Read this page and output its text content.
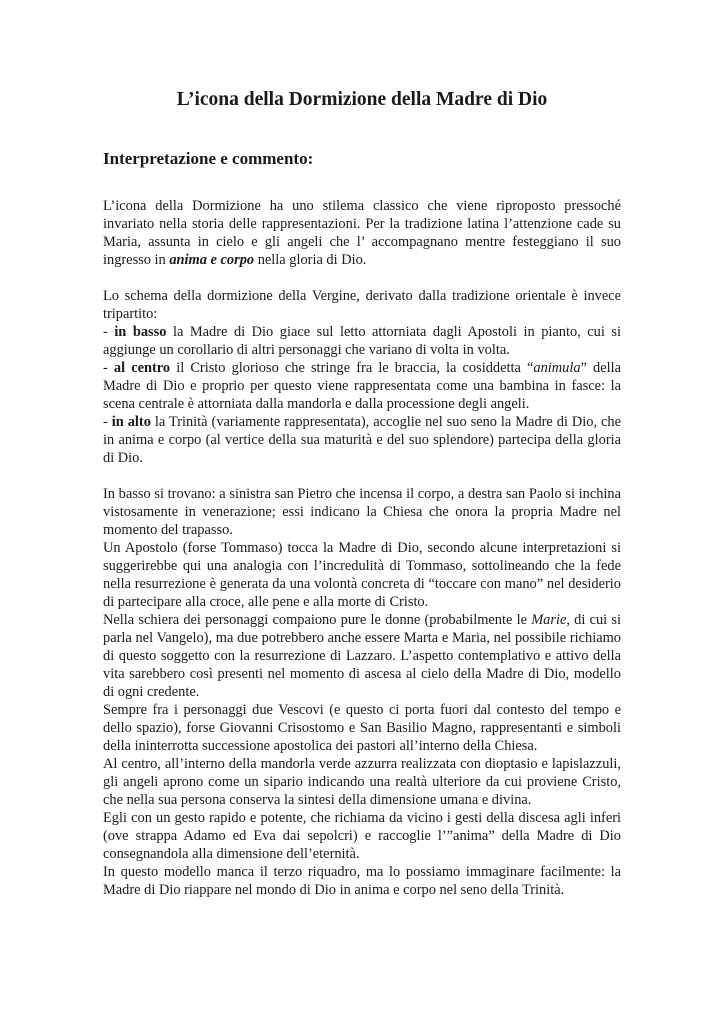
L’icona della Dormizione della Madre di Dio
Interpretazione e commento:

L’icona della Dormizione ha uno stilema classico che viene riproposto pressoché invariato nella storia delle rappresentazioni. Per la tradizione latina l’attenzione cade su Maria, assunta in cielo e gli angeli che l’ accompagnano mentre festeggiano il suo ingresso in anima e corpo nella gloria di Dio.

Lo schema della dormizione della Vergine, derivato dalla tradizione orientale è invece tripartito:

- in basso la Madre di Dio giace sul letto attorniata dagli Apostoli in pianto, cui si aggiunge un corollario di altri personaggi che variano di volta in volta.

- al centro il Cristo glorioso che stringe fra le braccia, la cosiddetta “animula” della Madre di Dio e proprio per questo viene rappresentata come una bambina in fasce: la scena centrale è attorniata dalla mandorla e dalla processione degli angeli.

- in alto la Trinità (variamente rappresentata), accoglie nel suo seno la Madre di Dio, che in anima e corpo (al vertice della sua maturità e del suo splendore) partecipa della gloria di Dio.

In basso si trovano: a sinistra san Pietro che incensa il corpo, a destra san Paolo si inchina vistosamente in venerazione; essi indicano la Chiesa che onora la propria Madre nel momento del trapasso.

Un Apostolo (forse Tommaso) tocca la Madre di Dio, secondo alcune interpretazioni si suggerirebbe qui una analogia con l’incredulità di Tommaso, sottolineando che la fede nella resurrezione è generata da una volontà concreta di “toccare con mano” nel desiderio di partecipare alla croce, alle pene e alla morte di Cristo.

Nella schiera dei personaggi compaiono pure le donne (probabilmente le Marie, di cui si parla nel Vangelo), ma due potrebbero anche essere Marta e Maria, nel possibile richiamo di questo soggetto con la resurrezione di Lazzaro. L’aspetto contemplativo e attivo della vita sarebbero così presenti nel momento di ascesa al cielo della Madre di Dio, modello di ogni credente.

Sempre fra i personaggi due Vescovi (e questo ci porta fuori dal contesto del tempo e dello spazio), forse Giovanni Crisostomo e San Basilio Magno, rappresentanti e simboli della ininterrotta successione apostolica dei pastori all’interno della Chiesa.

Al centro, all’interno della mandorla verde azzurra realizzata con dioptasio e lapislazzuli, gli angeli aprono come un sipario indicando una realtà ulteriore da cui proviene Cristo, che nella sua persona conserva la sintesi della dimensione umana e divina.

Egli con un gesto rapido e potente, che richiama da vicino i gesti della discesa agli inferi (ove strappa Adamo ed Eva dai sepolcri) e raccoglie l’”anima” della Madre di Dio consegnandola alla dimensione dell’eternità.

In questo modello manca il terzo riquadro, ma lo possiamo immaginare facilmente: la Madre di Dio riappare nel mondo di Dio in anima e corpo nel seno della Trinità.
